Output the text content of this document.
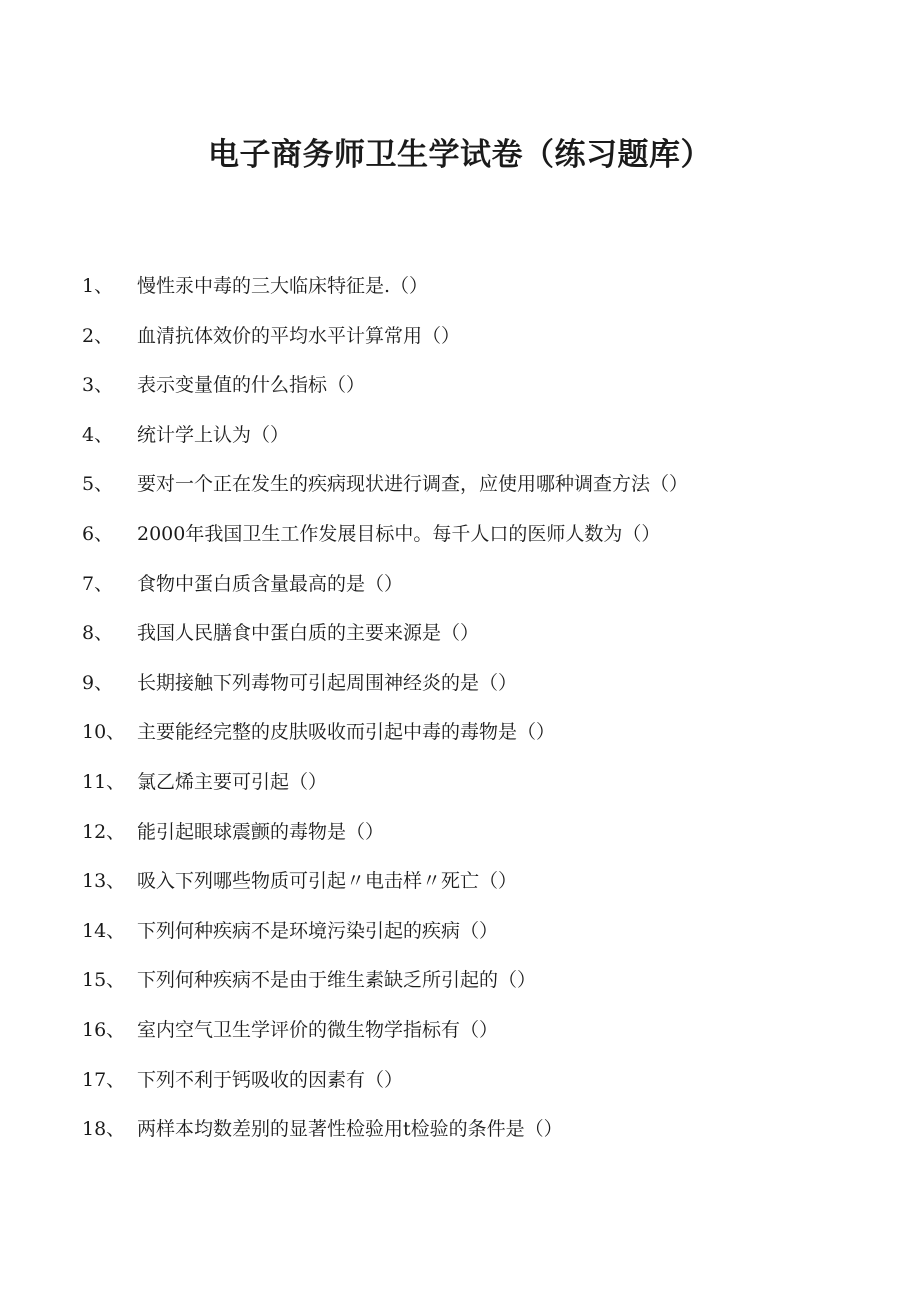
电子商务师卫生学试卷（练习题库）
1、 慢性汞中毒的三大临床特征是.（）
2、 血清抗体效价的平均水平计算常用（）
3、 表示变量值的什么指标（）
4、 统计学上认为（）
5、 要对一个正在发生的疾病现状进行调查，应使用哪种调查方法（）
6、 2000年我国卫生工作发展目标中。每千人口的医师人数为（）
7、 食物中蛋白质含量最高的是（）
8、 我国人民膳食中蛋白质的主要来源是（）
9、 长期接触下列毒物可引起周围神经炎的是（）
10、 主要能经完整的皮肤吸收而引起中毒的毒物是（）
11、 氯乙烯主要可引起（）
12、 能引起眼球震颤的毒物是（）
13、 吸入下列哪些物质可引起〃电击样〃死亡（）
14、 下列何种疾病不是环境污染引起的疾病（）
15、 下列何种疾病不是由于维生素缺乏所引起的（）
16、 室内空气卫生学评价的微生物学指标有（）
17、 下列不利于钙吸收的因素有（）
18、 两样本均数差别的显著性检验用t检验的条件是（）
